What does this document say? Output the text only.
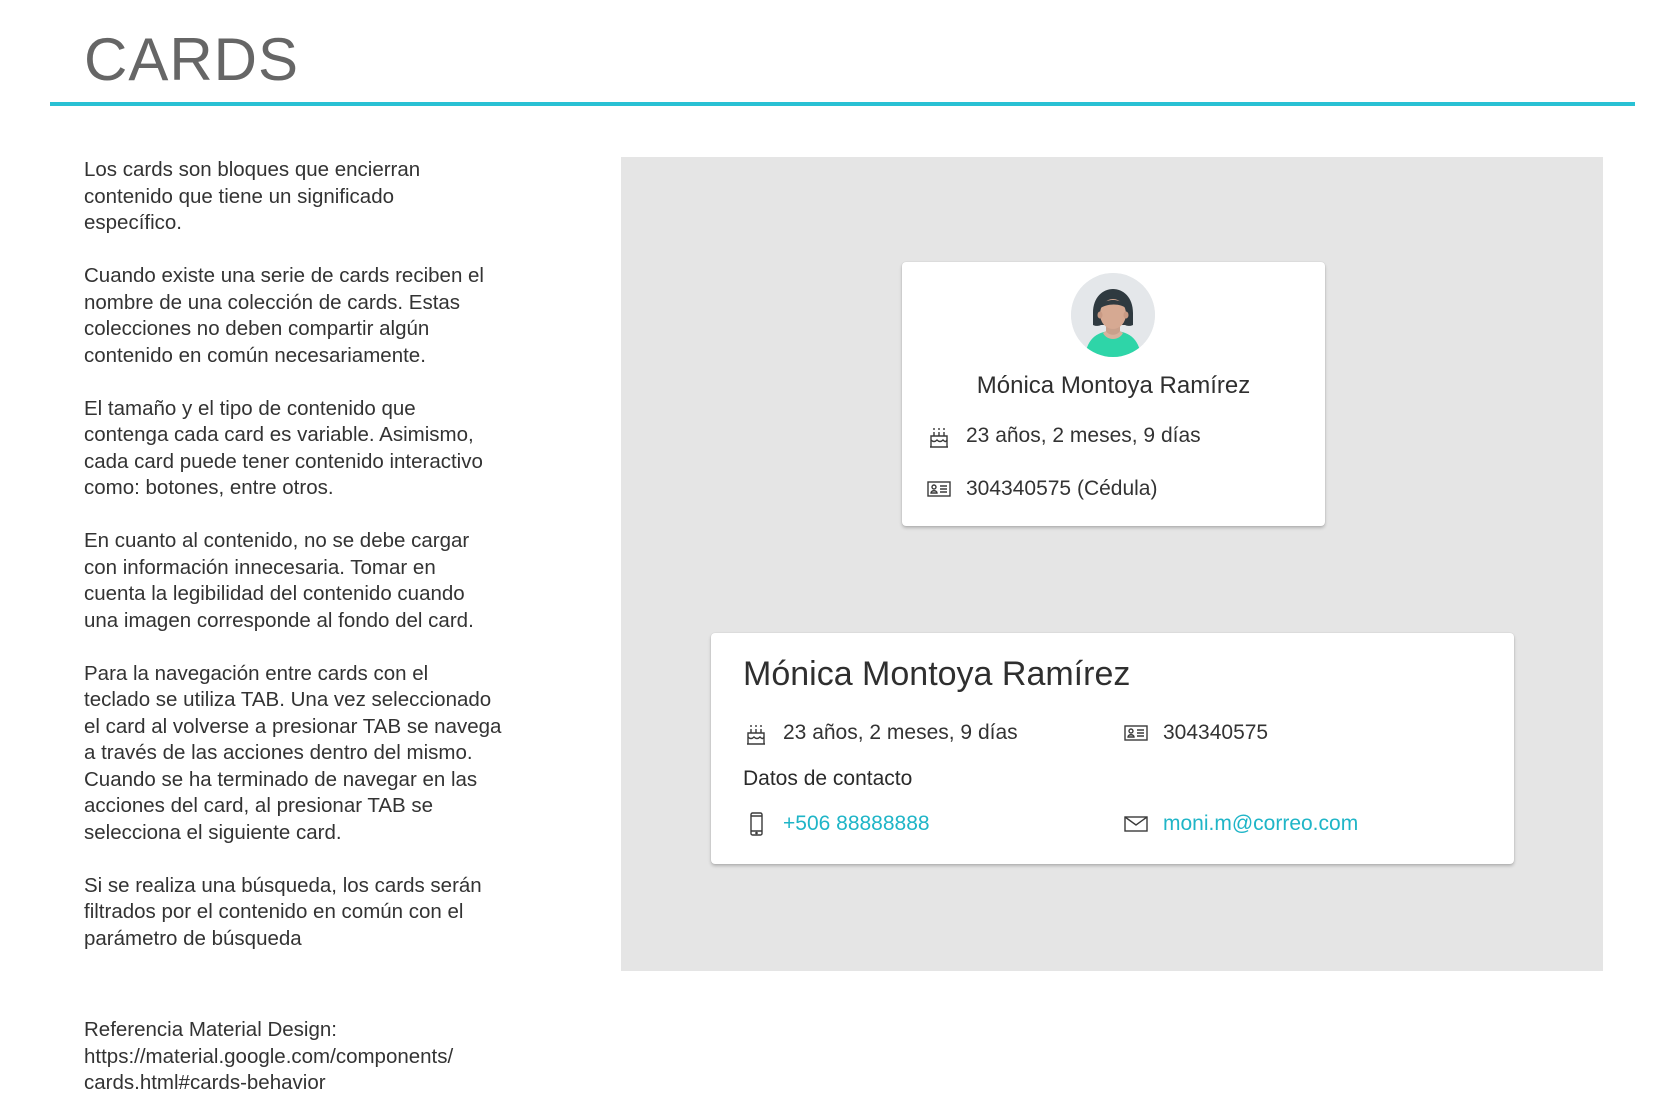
CARDS

Los cards son bloques que encierran
contenido que tiene un significado
específico.

Cuando existe una serie de cards reciben el
nombre de una colección de cards. Estas
colecciones no deben compartir algún
contenido en común necesariamente.

El tamaño y el tipo de contenido que
contenga cada card es variable. Asimismo,
cada card puede tener contenido interactivo
como: botones, entre otros.

En cuanto al contenido, no se debe cargar
con información innecesaria. Tomar en
cuenta la legibilidad del contenido cuando
una imagen corresponde al fondo del card.

Para la navegación entre cards con el
teclado se utiliza TAB. Una vez seleccionado
el card al volverse a presionar TAB se navega
a través de las acciones dentro del mismo.
Cuando se ha terminado de navegar en las
acciones del card, al presionar TAB se
selecciona el siguiente card.

Si se realiza una búsqueda, los cards serán
filtrados por el contenido en común con el
parámetro de búsqueda

Referencia Material Design:
https://material.google.com/components/
cards.html#cards-behavior
Mónica Montoya Ramírez
23 años, 2 meses, 9 días
304340575 (Cédula)
Mónica Montoya Ramírez
23 años, 2 meses, 9 días	304340575
Datos de contacto
+506 88888888	moni.m@correo.com
